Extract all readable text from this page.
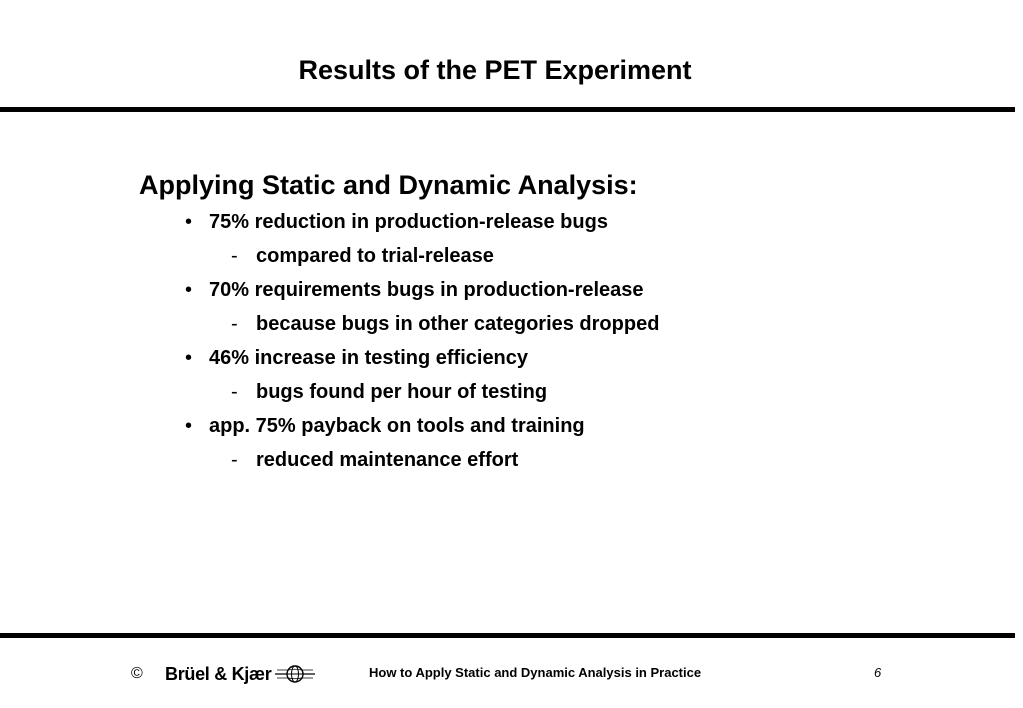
Results of the PET Experiment
Applying Static and Dynamic Analysis:
• 75% reduction in production-release bugs
- compared to trial-release
• 70% requirements bugs in production-release
- because bugs in other categories dropped
• 46% increase in testing efficiency
- bugs found per hour of testing
• app. 75% payback on tools and training
- reduced maintenance effort
© Brüel & Kjær	How to Apply Static and Dynamic Analysis in Practice	6
